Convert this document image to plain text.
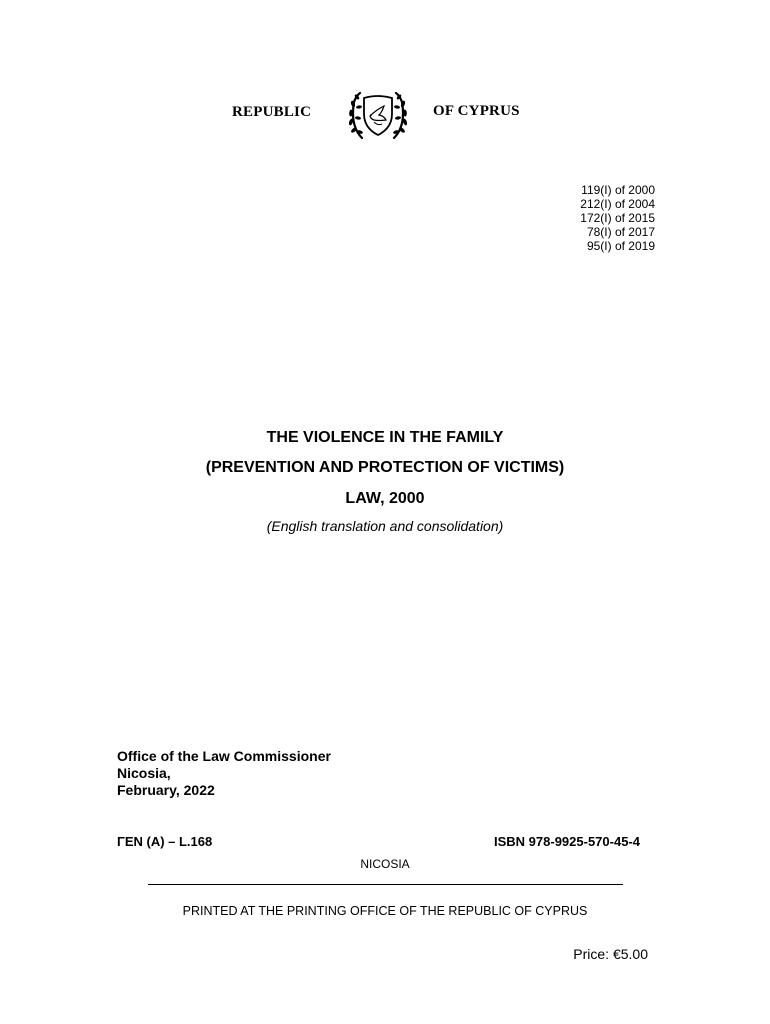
REPUBLIC	OF CYPRUS
119(I) of 2000
212(I) of 2004
172(I) of 2015
78(I) of 2017
95(I) of 2019
THE VIOLENCE IN THE FAMILY
(PREVENTION AND PROTECTION OF VICTIMS)
LAW, 2000
(English translation and consolidation)
Office of the Law Commissioner
Nicosia,
February, 2022
ΓΕΝ (Α) – L.168	ISBN 978-9925-570-45-4
NICOSIA
PRINTED AT THE PRINTING OFFICE OF THE REPUBLIC OF CYPRUS
Price: €5.00
